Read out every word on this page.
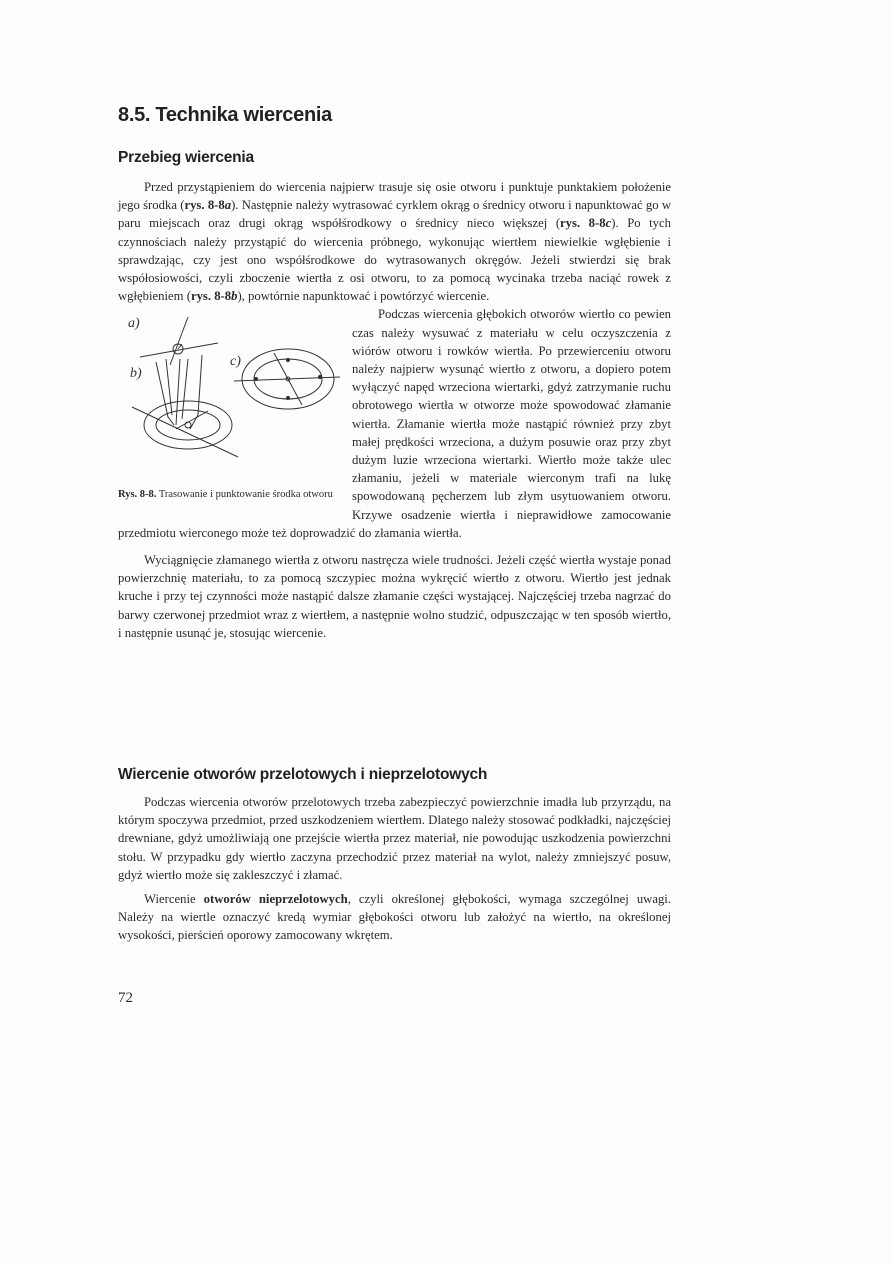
8.5. Technika wiercenia
Przebieg wiercenia

Przed przystąpieniem do wiercenia najpierw trasuje się osie otworu i punktuje punktakiem położenie jego środka (rys. 8-8a). Następnie należy wytrasować cyrklem okrąg o średnicy otworu i napunktować go w paru miejscach oraz drugi okrąg współśrodkowy o średnicy nieco większej (rys. 8-8c). Po tych czynnościach należy przystąpić do wiercenia próbnego, wykonując wiertłem niewielkie wgłębienie i sprawdzając, czy jest ono współśrodkowe do wytrasowanych okręgów. Jeżeli stwierdzi się brak współosiowości, czyli zboczenie wiertła z osi otworu, to za pomocą wycinaka trzeba naciąć rowek z wgłębieniem (rys. 8-8b), powtórnie napunktować i powtórzyć wiercenie.

a)
b)
c)
Rys. 8-8. Trasowanie i punktowanie środka otworu
Podczas wiercenia głębokich otworów wiertło co pewien czas należy wysuwać z materiału w celu oczyszczenia z wiórów otworu i rowków wiertła. Po przewierceniu otworu należy najpierw wysunąć wiertło z otworu, a dopiero potem wyłączyć napęd wrzeciona wiertarki, gdyż zatrzymanie ruchu obrotowego wiertła w otworze może spowodować złamanie wiertła. Złamanie wiertła może nastąpić również przy zbyt małej prędkości wrzeciona, a dużym posuwie oraz przy zbyt dużym luzie wrzeciona wiertarki. Wiertło może także ulec złamaniu, jeżeli w materiale wierconym trafi na lukę spowodowaną pęcherzem lub złym usytuowaniem otworu. Krzywe osadzenie wiertła i nieprawidłowe zamocowanie przedmiotu wierconego może też doprowadzić do złamania wiertła.

Wyciągnięcie złamanego wiertła z otworu nastręcza wiele trudności. Jeżeli część wiertła wystaje ponad powierzchnię materiału, to za pomocą szczypiec można wykręcić wiertło z otworu. Wiertło jest jednak kruche i przy tej czynności może nastąpić dalsze złamanie części wystającej. Najczęściej trzeba nagrzać do barwy czerwonej przedmiot wraz z wiertłem, a następnie wolno studzić, odpuszczając w ten sposób wiertło, i następnie usunąć je, stosując wiercenie.

Wiercenie otworów przelotowych i nieprzelotowych

Podczas wiercenia otworów przelotowych trzeba zabezpieczyć powierzchnie imadła lub przyrządu, na którym spoczywa przedmiot, przed uszkodzeniem wiertłem. Dlatego należy stosować podkładki, najczęściej drewniane, gdyż umożliwiają one przejście wiertła przez materiał, nie powodując uszkodzenia powierzchni stołu. W przypadku gdy wiertło zaczyna przechodzić przez materiał na wylot, należy zmniejszyć posuw, gdyż wiertło może się zakleszczyć i złamać.

Wiercenie otworów nieprzelotowych, czyli określonej głębokości, wymaga szczególnej uwagi. Należy na wiertle oznaczyć kredą wymiar głębokości otworu lub założyć na wiertło, na określonej wysokości, pierścień oporowy zamocowany wkrętem.

72
